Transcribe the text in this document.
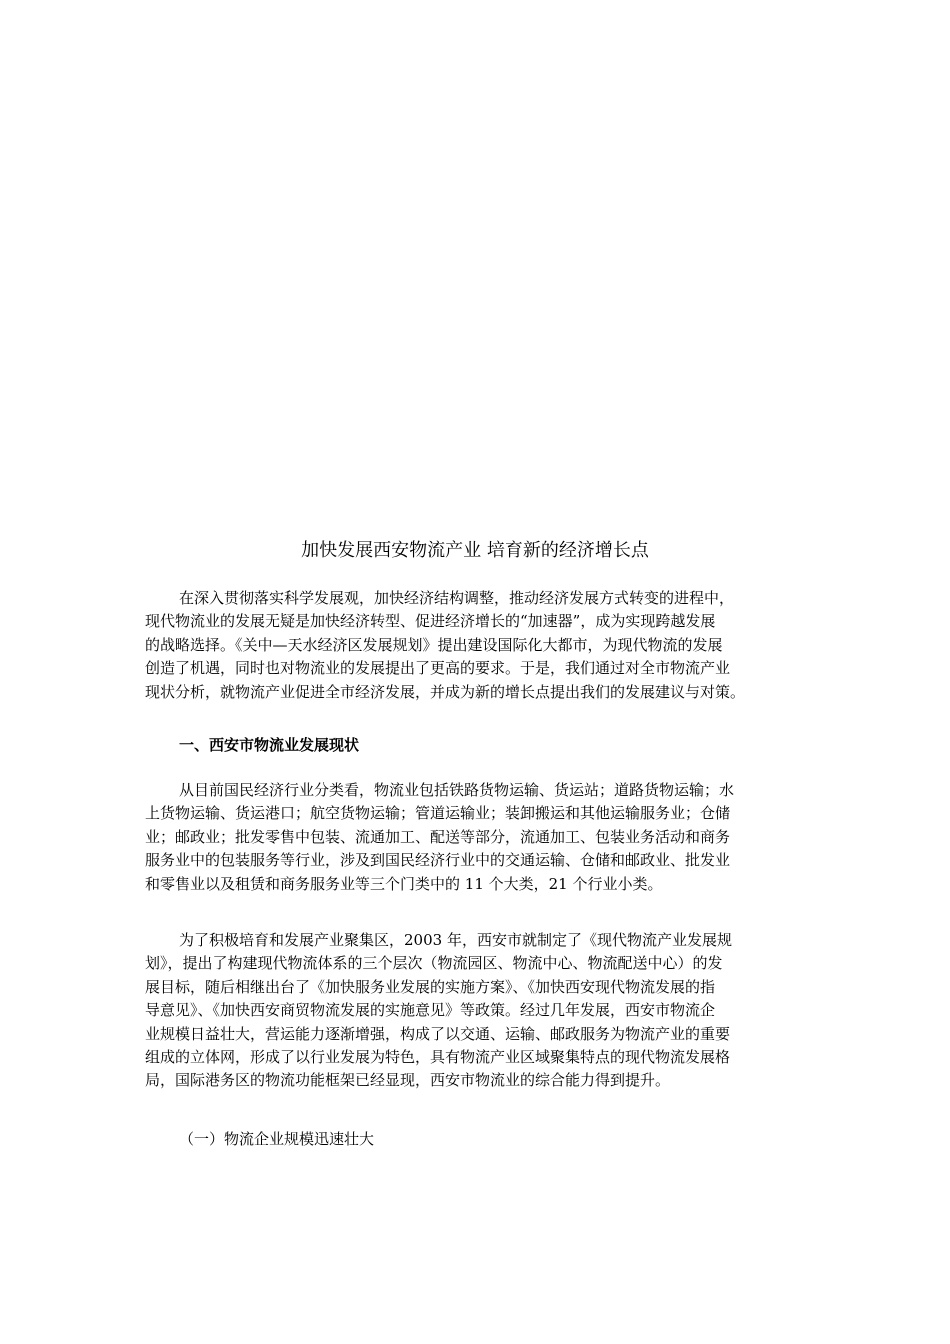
加快发展西安物流产业 培育新的经济增长点
在深入贯彻落实科学发展观，加快经济结构调整，推动经济发展方式转变的进程中，
现代物流业的发展无疑是加快经济转型、促进经济增长的“加速器”，成为实现跨越发展
的战略选择。《关中—天水经济区发展规划》提出建设国际化大都市，为现代物流的发展
创造了机遇，同时也对物流业的发展提出了更高的要求。于是，我们通过对全市物流产业
现状分析，就物流产业促进全市经济发展，并成为新的增长点提出我们的发展建议与对策。
一、西安市物流业发展现状
从目前国民经济行业分类看，物流业包括铁路货物运输、货运站；道路货物运输；水
上货物运输、货运港口；航空货物运输；管道运输业；装卸搬运和其他运输服务业；仓储
业；邮政业；批发零售中包装、流通加工、配送等部分，流通加工、包装业务活动和商务
服务业中的包装服务等行业，涉及到国民经济行业中的交通运输、仓储和邮政业、批发业
和零售业以及租赁和商务服务业等三个门类中的 11 个大类，21 个行业小类。
为了积极培育和发展产业聚集区，2003 年，西安市就制定了《现代物流产业发展规
划》，提出了构建现代物流体系的三个层次（物流园区、物流中心、物流配送中心）的发
展目标，随后相继出台了《加快服务业发展的实施方案》、《加快西安现代物流发展的指
导意见》、《加快西安商贸物流发展的实施意见》等政策。经过几年发展，西安市物流企
业规模日益壮大，营运能力逐渐增强，构成了以交通、运输、邮政服务为物流产业的重要
组成的立体网，形成了以行业发展为特色，具有物流产业区域聚集特点的现代物流发展格
局，国际港务区的物流功能框架已经显现，西安市物流业的综合能力得到提升。
（一）物流企业规模迅速壮大
